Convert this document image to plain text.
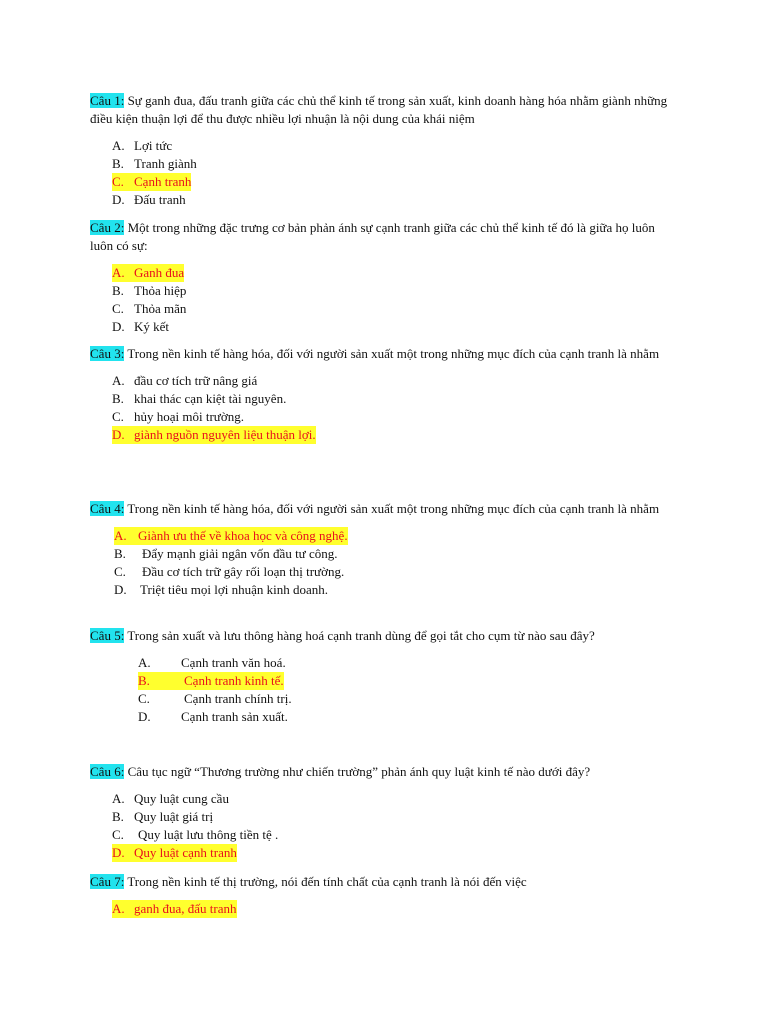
Câu 1: Sự ganh đua, đấu tranh giữa các chủ thể kinh tế trong sản xuất, kinh doanh hàng hóa nhằm giành những điều kiện thuận lợi để thu được nhiều lợi nhuận là nội dung của khái niệm

A. Lợi tức
B. Tranh giành
C. Cạnh tranh
D. Đấu tranh

Câu 2: Một trong những đặc trưng cơ bản phản ánh sự cạnh tranh giữa các chủ thể kinh tế đó là giữa họ luôn luôn có sự:

A. Ganh đua
B. Thỏa hiệp
C. Thỏa mãn
D. Ký kết

Câu 3: Trong nền kinh tế hàng hóa, đối với người sản xuất một trong những mục đích của cạnh tranh là nhằm

A. đầu cơ tích trữ nâng giá
B. khai thác cạn kiệt tài nguyên.
C. hủy hoại môi trường.
D. giành nguồn nguyên liệu thuận lợi.

Câu 4: Trong nền kinh tế hàng hóa, đối với người sản xuất một trong những mục đích của cạnh tranh là nhằm

A. Giành ưu thế về khoa học và công nghệ.
B.	Đẩy mạnh giải ngân vốn đầu tư công.
C.	Đầu cơ tích trữ gây rối loạn thị trường.
D.	Triệt tiêu mọi lợi nhuận kinh doanh.

Câu 5: Trong sản xuất và lưu thông hàng hoá cạnh tranh dùng để gọi tắt cho cụm từ nào sau đây?

A.	Cạnh tranh văn hoá.
B.	Cạnh tranh kinh tế.
C.	Cạnh tranh chính trị.
D.	Cạnh tranh sản xuất.

Câu 6: Câu tục ngữ “Thương trường như chiến trường” phản ánh quy luật kinh tế nào dưới đây?

A. Quy luật cung cầu
B. Quy luật giá trị
C.	Quy luật lưu thông tiền tệ .
D. Quy luật cạnh tranh

Câu 7: Trong nền kinh tế thị trường, nói đến tính chất của cạnh tranh là nói đến việc

A. ganh đua, đấu tranh
